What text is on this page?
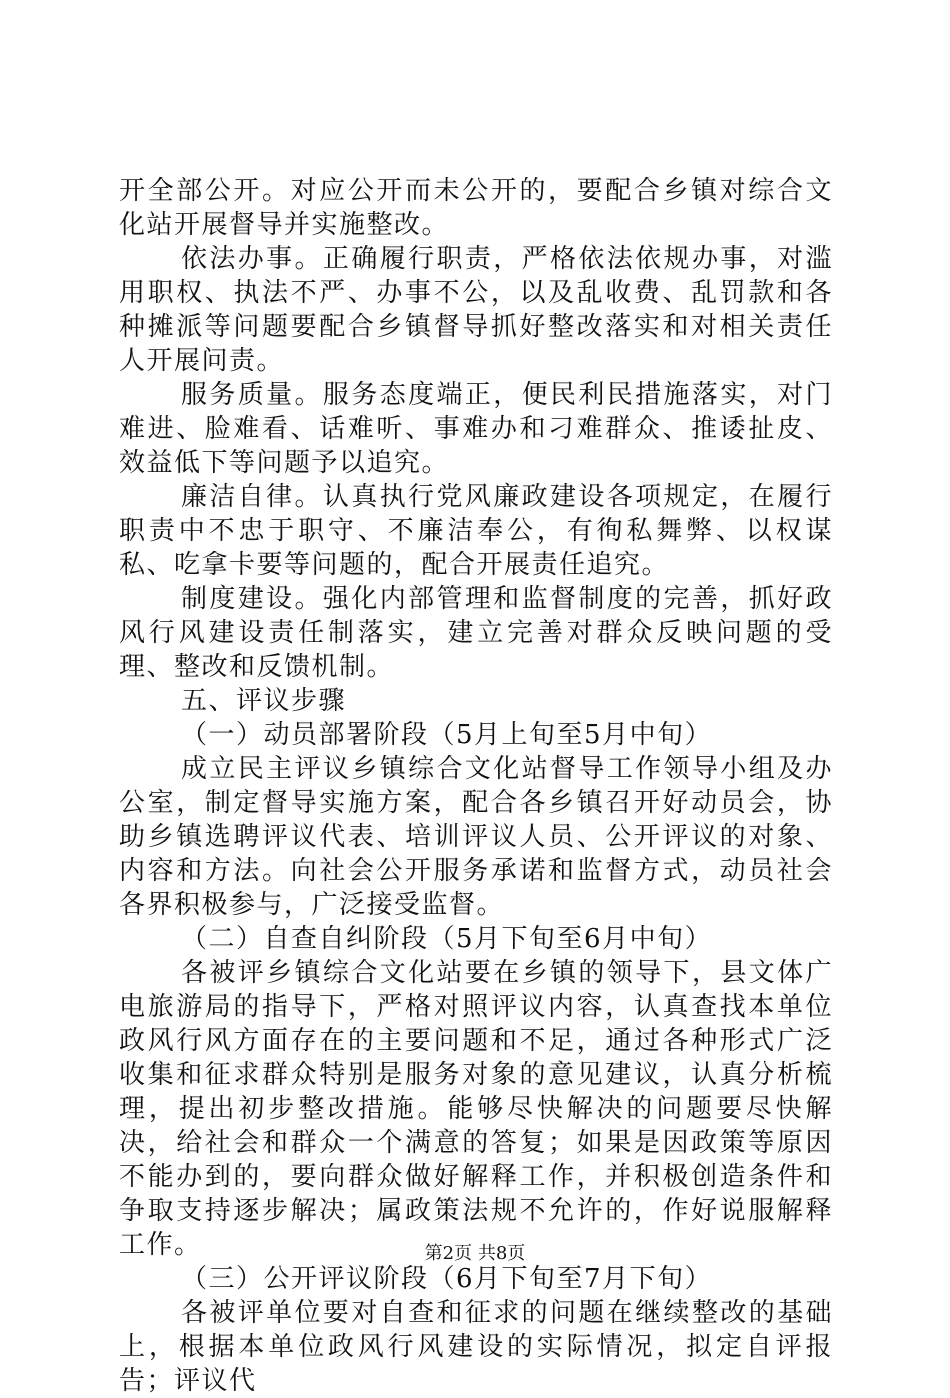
开全部公开。对应公开而未公开的，要配合乡镇对综合文化站开展督导并实施整改。

依法办事。正确履行职责，严格依法依规办事，对滥用职权、执法不严、办事不公，以及乱收费、乱罚款和各种摊派等问题要配合乡镇督导抓好整改落实和对相关责任人开展问责。

服务质量。服务态度端正，便民利民措施落实，对门难进、脸难看、话难听、事难办和刁难群众、推诿扯皮、效益低下等问题予以追究。

廉洁自律。认真执行党风廉政建设各项规定，在履行职责中不忠于职守、不廉洁奉公，有徇私舞弊、以权谋私、吃拿卡要等问题的，配合开展责任追究。

制度建设。强化内部管理和监督制度的完善，抓好政风行风建设责任制落实，建立完善对群众反映问题的受理、整改和反馈机制。

五、评议步骤

（一）动员部署阶段（5月上旬至5月中旬）

成立民主评议乡镇综合文化站督导工作领导小组及办公室，制定督导实施方案，配合各乡镇召开好动员会，协助乡镇选聘评议代表、培训评议人员、公开评议的对象、内容和方法。向社会公开服务承诺和监督方式，动员社会各界积极参与，广泛接受监督。

（二）自查自纠阶段（5月下旬至6月中旬）

各被评乡镇综合文化站要在乡镇的领导下，县文体广电旅游局的指导下，严格对照评议内容，认真查找本单位政风行风方面存在的主要问题和不足，通过各种形式广泛收集和征求群众特别是服务对象的意见建议，认真分析梳理，提出初步整改措施。能够尽快解决的问题要尽快解决，给社会和群众一个满意的答复；如果是因政策等原因不能办到的，要向群众做好解释工作，并积极创造条件和争取支持逐步解决；属政策法规不允许的，作好说服解释工作。

（三）公开评议阶段（6月下旬至7月下旬）

各被评单位要对自查和征求的问题在继续整改的基础上，根据本单位政风行风建设的实际情况，拟定自评报告；评议代

第2页 共8页
